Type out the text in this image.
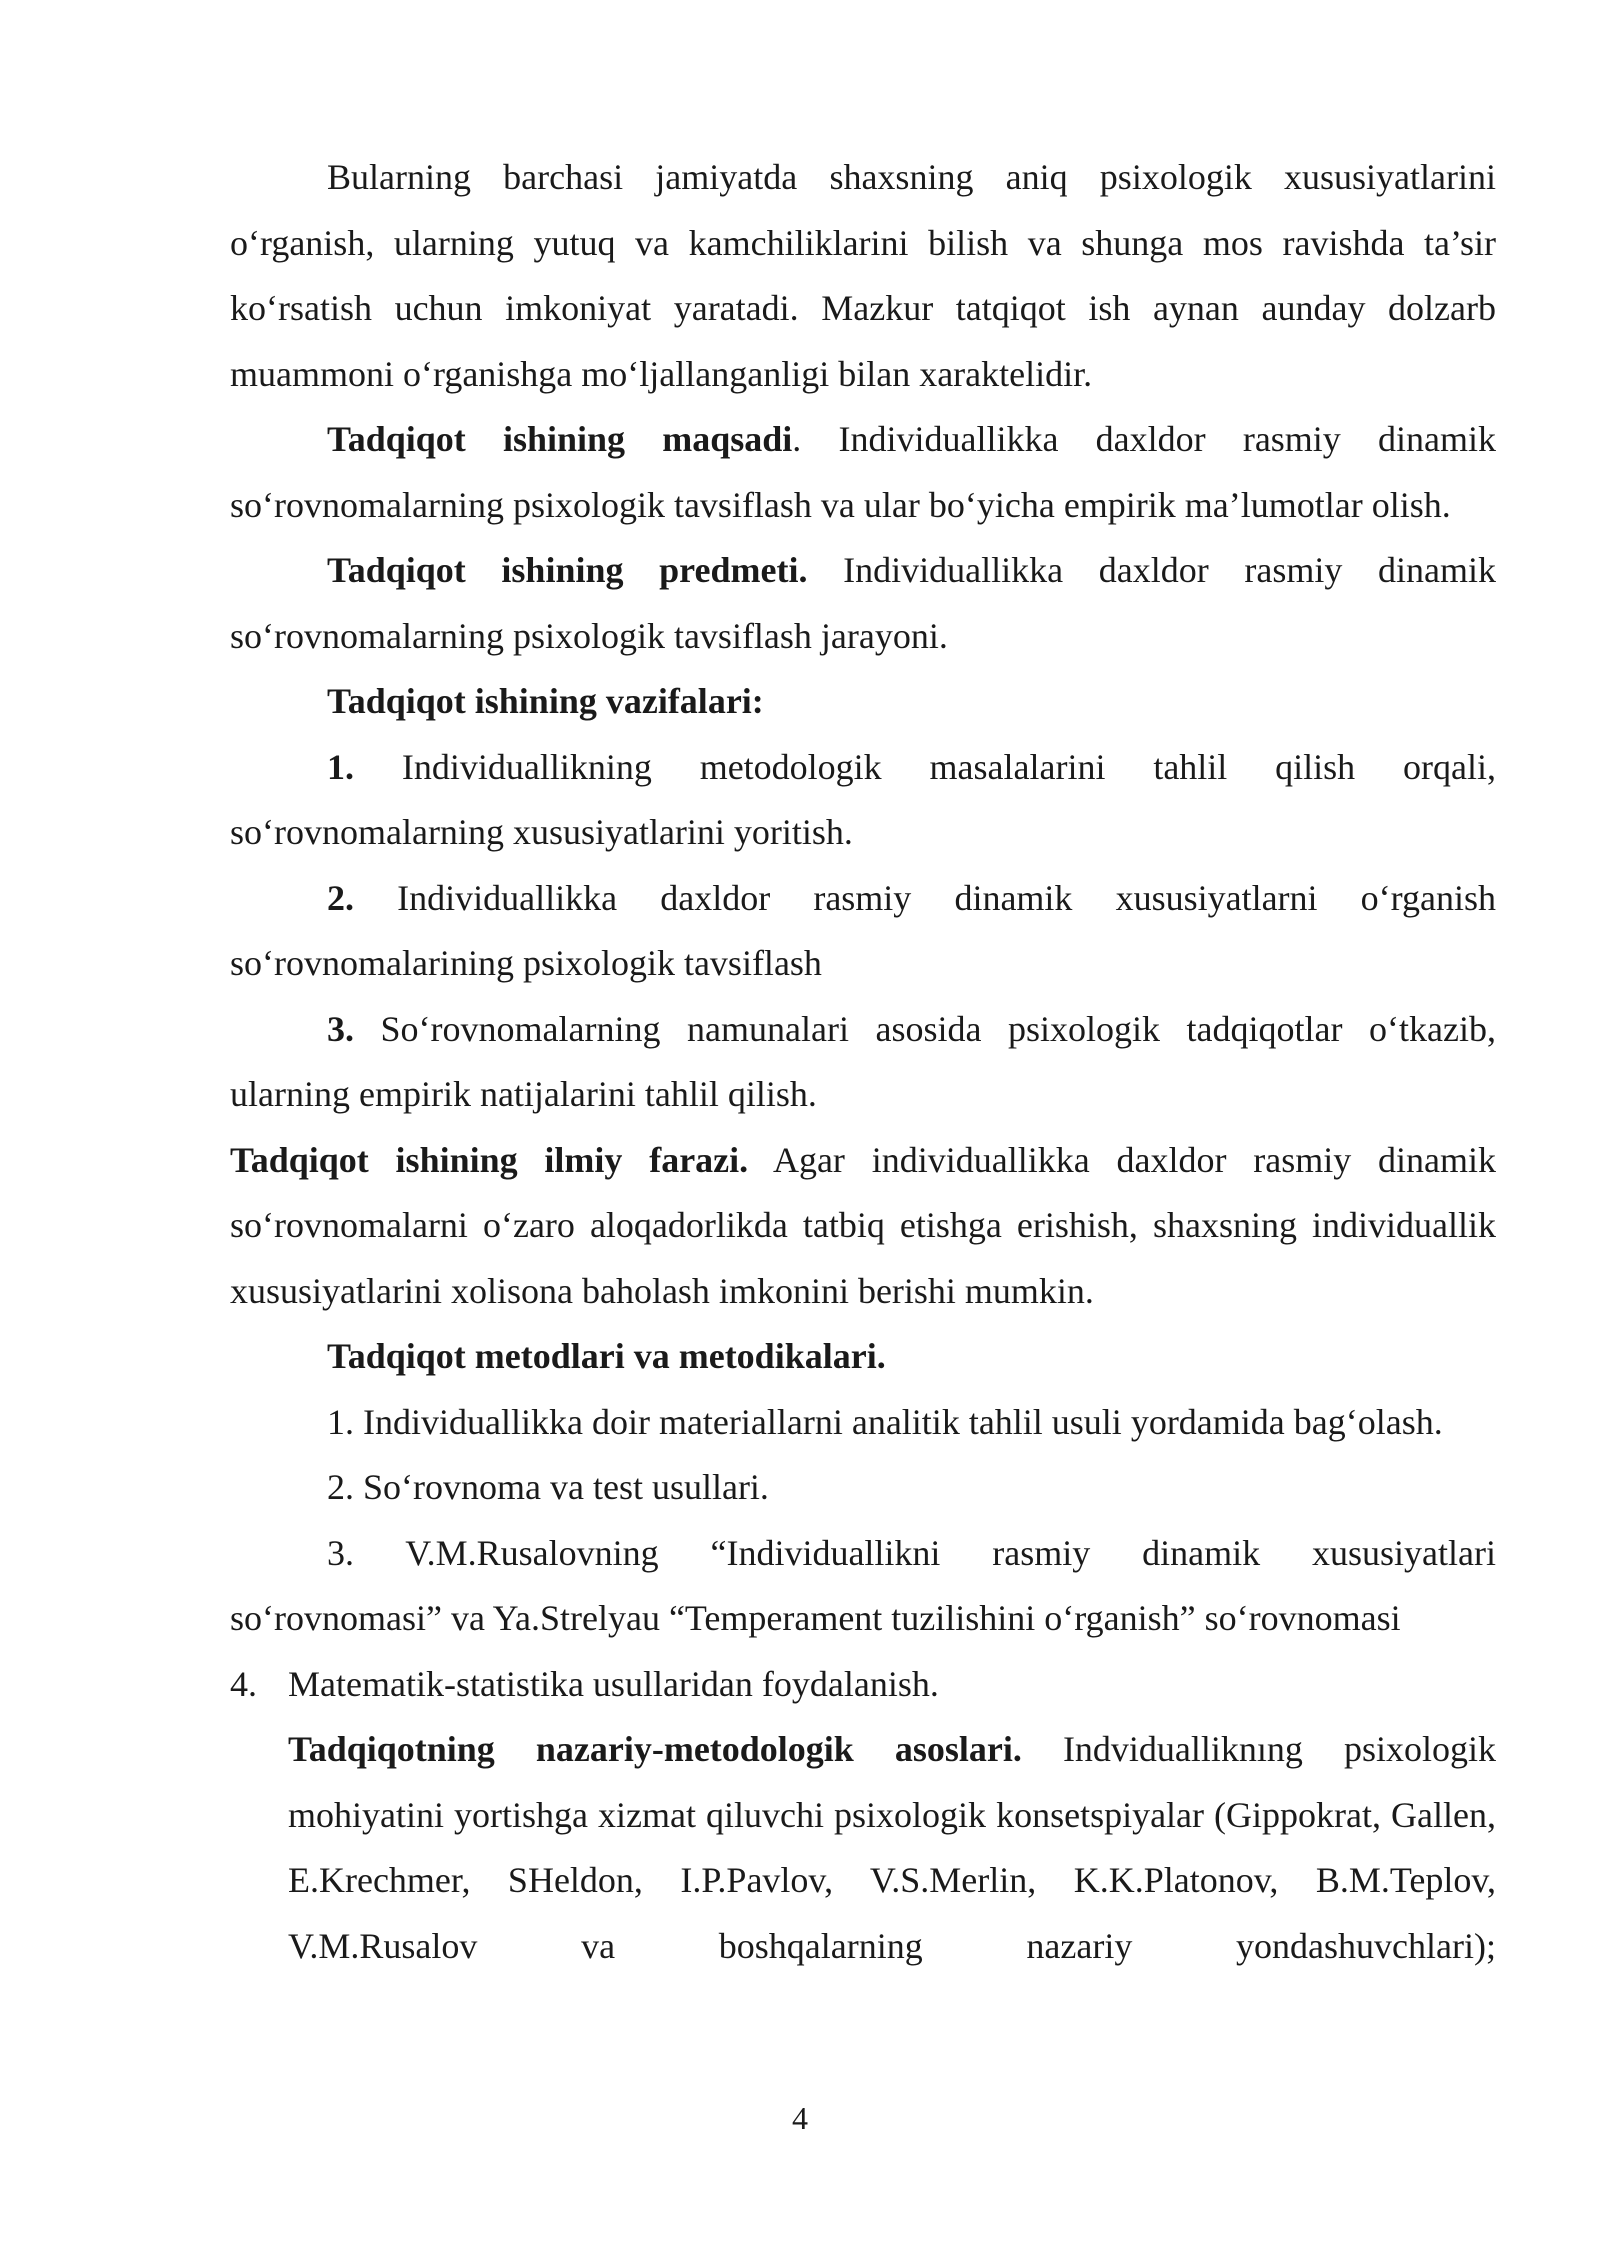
Bularning barchasi jamiyatda shaxsning aniq psixologik xususiyatlarini o‘rganish, ularning yutuq va kamchiliklarini bilish va shunga mos ravishda ta’sir ko‘rsatish uchun imkoniyat yaratadi. Mazkur tatqiqot ish aynan aunday dolzarb muammoni o‘rganishga mo‘ljallanganligi bilan xaraktelidir.

Tadqiqot ishining maqsadi. Individuallikka daxldor rasmiy dinamik so‘rovnomalarning psixologik tavsiflash va ular bo‘yicha empirik ma’lumotlar olish.

Tadqiqot ishining predmeti. Individuallikka daxldor rasmiy dinamik so‘rovnomalarning psixologik tavsiflash jarayoni.

Tadqiqot ishining vazifalari:

1. Individuallikning metodologik masalalarini tahlil qilish orqali, so‘rovnomalarning xususiyatlarini yoritish.

2. Individuallikka daxldor rasmiy dinamik xususiyatlarni o‘rganish so‘rovnomalarining psixologik tavsiflash

3. So‘rovnomalarning namunalari asosida psixologik tadqiqotlar o‘tkazib, ularning empirik natijalarini tahlil qilish.

Tadqiqot ishining ilmiy farazi. Agar individuallikka daxldor rasmiy dinamik so‘rovnomalarni o‘zaro aloqadorlikda tatbiq etishga erishish, shaxsning individuallik xususiyatlarini xolisona baholash imkonini berishi mumkin.

Tadqiqot metodlari va metodikalari.

1. Individuallikka doir materiallarni analitik tahlil usuli yordamida bag‘olash.

2. So‘rovnoma va test usullari.

3. V.M.Rusalovning “Individuallikni rasmiy dinamik xususiyatlari so‘rovnomasi” va Ya.Strelyau “Temperament tuzilishini o‘rganish” so‘rovnomasi

4. Matematik-statistika usullaridan foydalanish.

Tadqiqotning nazariy-metodologik asoslari. Indvidualliknıng psixologik mohiyatini yortishga xizmat qiluvchi psixologik konsetspiyalar (Gippokrat, Gallen, E.Krechmer, SHeldon, I.P.Pavlov, V.S.Merlin, K.K.Platonov, B.M.Teplov, V.M.Rusalov va boshqalarning nazariy yondashuvchlari);

4
